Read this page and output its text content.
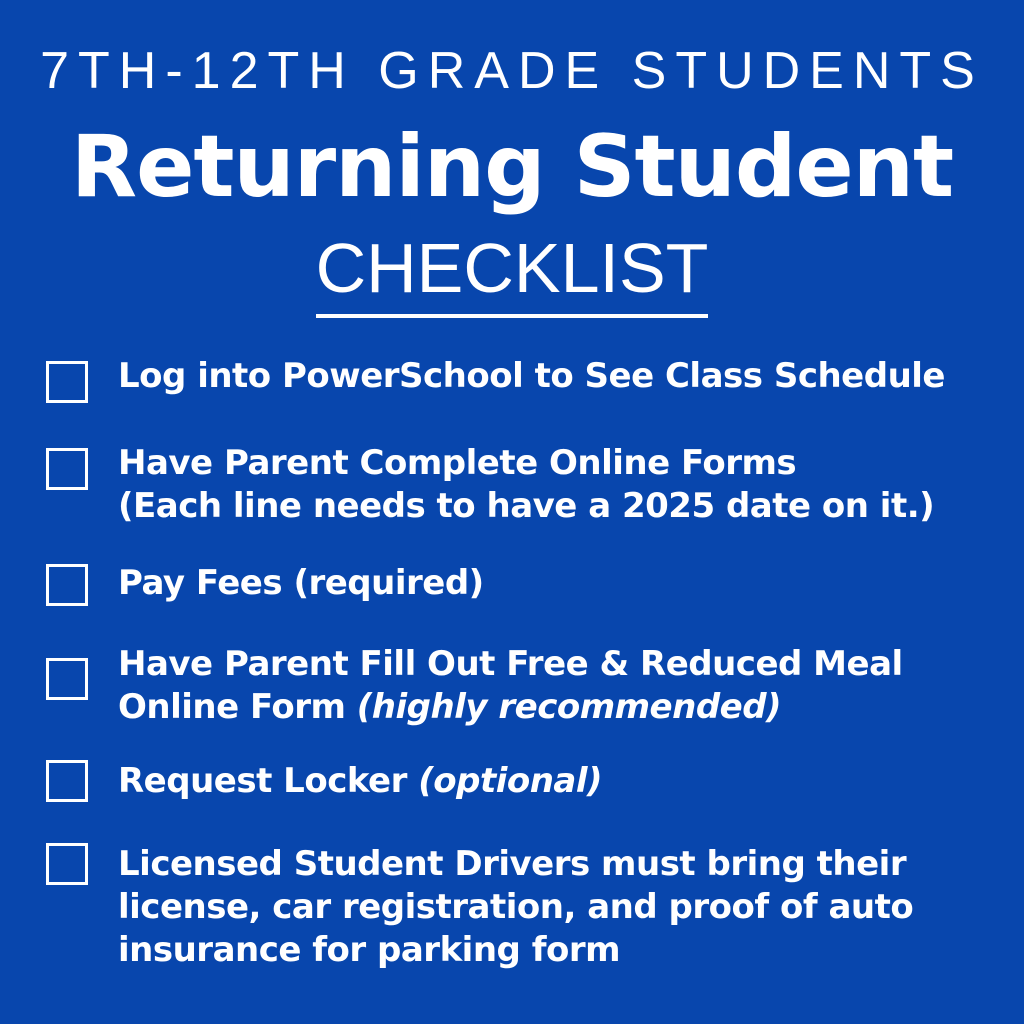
7TH-12TH GRADE STUDENTS
Returning Student
CHECKLIST
Log into PowerSchool to See Class Schedule
Have Parent Complete Online Forms
(Each line needs to have a 2025 date on it.)
Pay Fees (required)
Have Parent Fill Out Free & Reduced Meal
Online Form (highly recommended)
Request Locker (optional)
Licensed Student Drivers must bring their
license, car registration, and proof of auto
insurance for parking form
